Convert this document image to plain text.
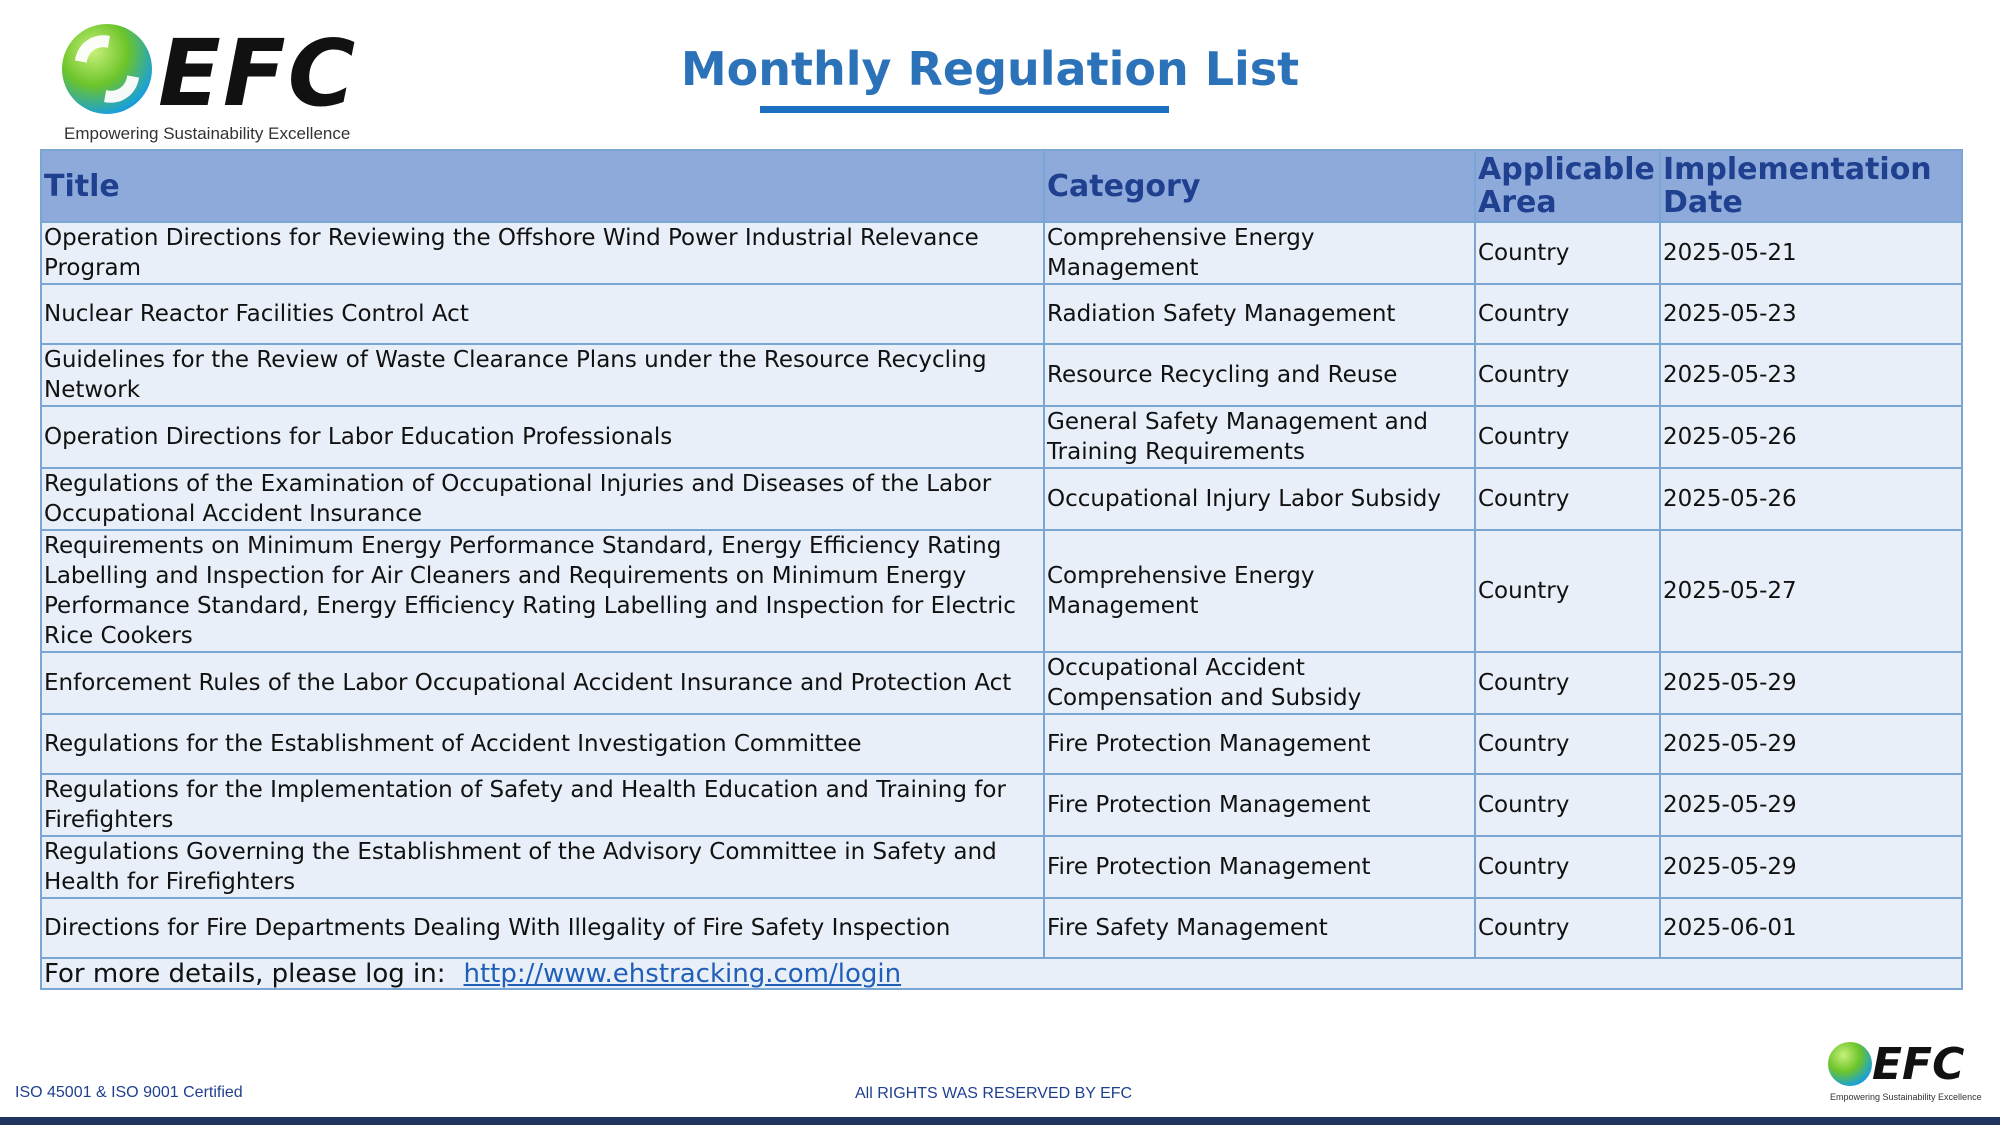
EFC
Empowering Sustainability Excellence
Monthly Regulation List
Title	Category	Applicable Area	Implementation Date
Operation Directions for Reviewing the Offshore Wind Power Industrial Relevance Program	Comprehensive Energy Management	Country	2025-05-21
Nuclear Reactor Facilities Control Act	Radiation Safety Management	Country	2025-05-23
Guidelines for the Review of Waste Clearance Plans under the Resource Recycling Network	Resource Recycling and Reuse	Country	2025-05-23
Operation Directions for Labor Education Professionals	General Safety Management and Training Requirements	Country	2025-05-26
Regulations of the Examination of Occupational Injuries and Diseases of the Labor Occupational Accident Insurance	Occupational Injury Labor Subsidy	Country	2025-05-26
Requirements on Minimum Energy Performance Standard, Energy Efficiency Rating Labelling and Inspection for Air Cleaners and Requirements on Minimum Energy Performance Standard, Energy Efficiency Rating Labelling and Inspection for Electric Rice Cookers	Comprehensive Energy Management	Country	2025-05-27
Enforcement Rules of the Labor Occupational Accident Insurance and Protection Act	Occupational Accident Compensation and Subsidy	Country	2025-05-29
Regulations for the Establishment of Accident Investigation Committee	Fire Protection Management	Country	2025-05-29
Regulations for the Implementation of Safety and Health Education and Training for Firefighters	Fire Protection Management	Country	2025-05-29
Regulations Governing the Establishment of the Advisory Committee in Safety and Health for Firefighters	Fire Protection Management	Country	2025-05-29
Directions for Fire Departments Dealing With Illegality of Fire Safety Inspection	Fire Safety Management	Country	2025-06-01
For more details, please log in: http://www.ehstracking.com/login			
ISO 45001 & ISO 9001 Certified	All RIGHTS WAS RESERVED BY EFC
EFC
Empowering Sustainability Excellence
